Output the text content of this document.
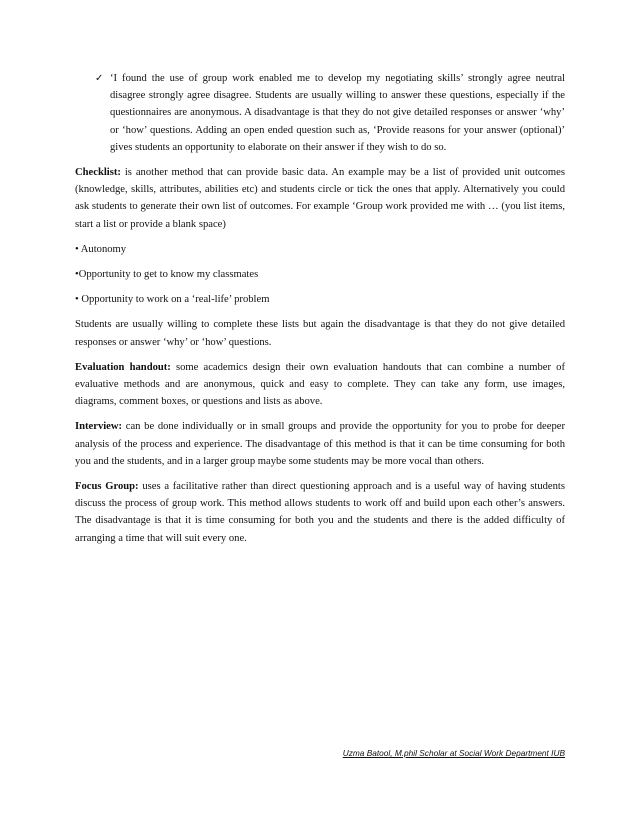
✓ ‘I found the use of group work enabled me to develop my negotiating skills’ strongly agree neutral disagree strongly agree disagree. Students are usually willing to answer these questions, especially if the questionnaires are anonymous. A disadvantage is that they do not give detailed responses or answer ‘why’ or ‘how’ questions. Adding an open ended question such as, ‘Provide reasons for your answer (optional)’ gives students an opportunity to elaborate on their answer if they wish to do so.

Checklist: is another method that can provide basic data. An example may be a list of provided unit outcomes (knowledge, skills, attributes, abilities etc) and students circle or tick the ones that apply. Alternatively you could ask students to generate their own list of outcomes. For example ‘Group work provided me with … (you list items, start a list or provide a blank space)

• Autonomy

•Opportunity to get to know my classmates

• Opportunity to work on a ‘real-life’ problem

Students are usually willing to complete these lists but again the disadvantage is that they do not give detailed responses or answer ‘why’ or ‘how’ questions.

Evaluation handout: some academics design their own evaluation handouts that can combine a number of evaluative methods and are anonymous, quick and easy to complete. They can take any form, use images, diagrams, comment boxes, or questions and lists as above.

Interview: can be done individually or in small groups and provide the opportunity for you to probe for deeper analysis of the process and experience. The disadvantage of this method is that it can be time consuming for both you and the students, and in a larger group maybe some students may be more vocal than others.

Focus Group: uses a facilitative rather than direct questioning approach and is a useful way of having students discuss the process of group work. This method allows students to work off and build upon each other’s answers. The disadvantage is that it is time consuming for both you and the students and there is the added difficulty of arranging a time that will suit every one.

Uzma Batool, M.phil Scholar at Social Work Department IUB
